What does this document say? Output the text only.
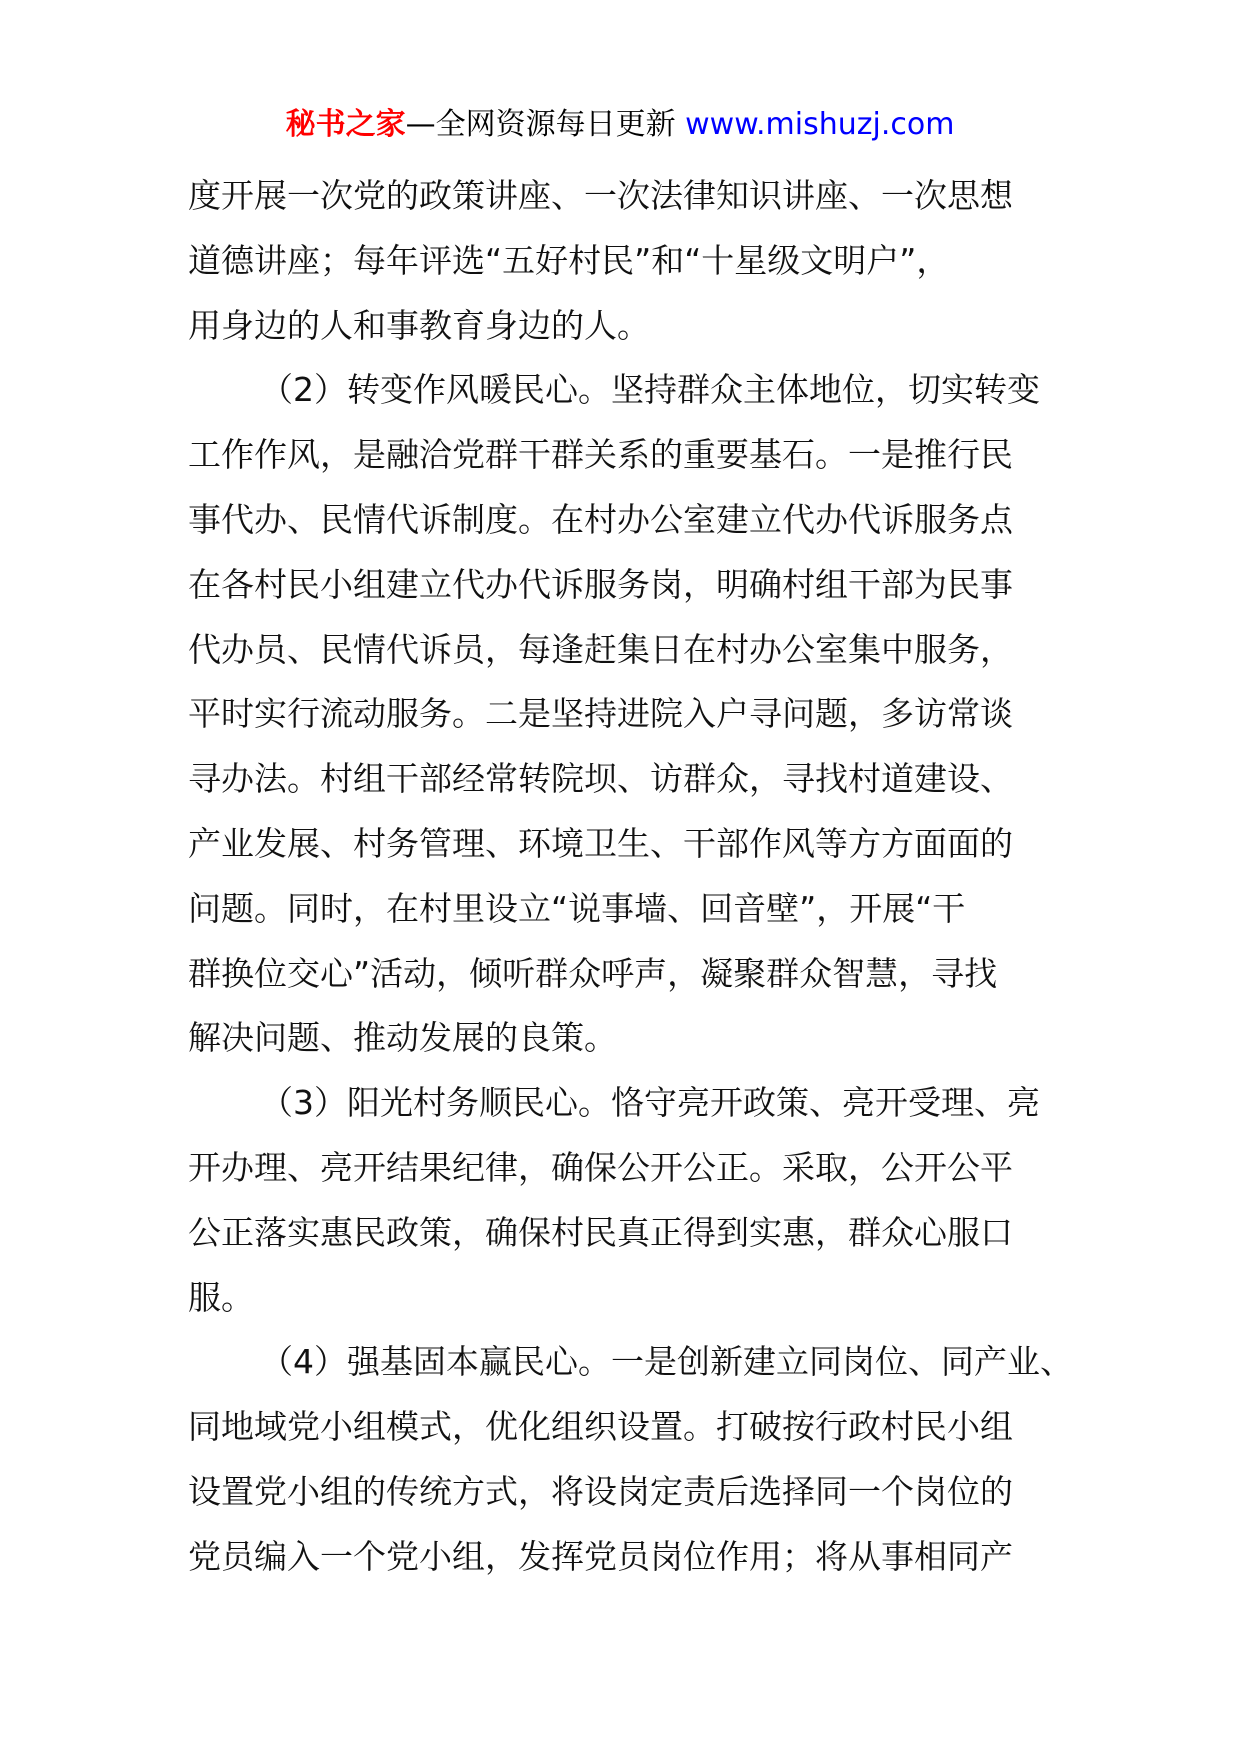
秘书之家—全网资源每日更新 www.mishuzj.com
度开展一次党的政策讲座、一次法律知识讲座、一次思想
道德讲座；每年评选“五好村民”和“十星级文明户”，
用身边的人和事教育身边的人。
（2）转变作风暖民心。坚持群众主体地位，切实转变
工作作风，是融洽党群干群关系的重要基石。一是推行民
事代办、民情代诉制度。在村办公室建立代办代诉服务点
在各村民小组建立代办代诉服务岗，明确村组干部为民事
代办员、民情代诉员，每逢赶集日在村办公室集中服务，
平时实行流动服务。二是坚持进院入户寻问题，多访常谈
寻办法。村组干部经常转院坝、访群众，寻找村道建设、
产业发展、村务管理、环境卫生、干部作风等方方面面的
问题。同时，在村里设立“说事墙、回音壁”，开展“干
群换位交心”活动，倾听群众呼声，凝聚群众智慧，寻找
解决问题、推动发展的良策。
（3）阳光村务顺民心。恪守亮开政策、亮开受理、亮
开办理、亮开结果纪律，确保公开公正。采取，公开公平
公正落实惠民政策，确保村民真正得到实惠，群众心服口
服。
（4）强基固本赢民心。一是创新建立同岗位、同产业、
同地域党小组模式，优化组织设置。打破按行政村民小组
设置党小组的传统方式，将设岗定责后选择同一个岗位的
党员编入一个党小组，发挥党员岗位作用；将从事相同产
